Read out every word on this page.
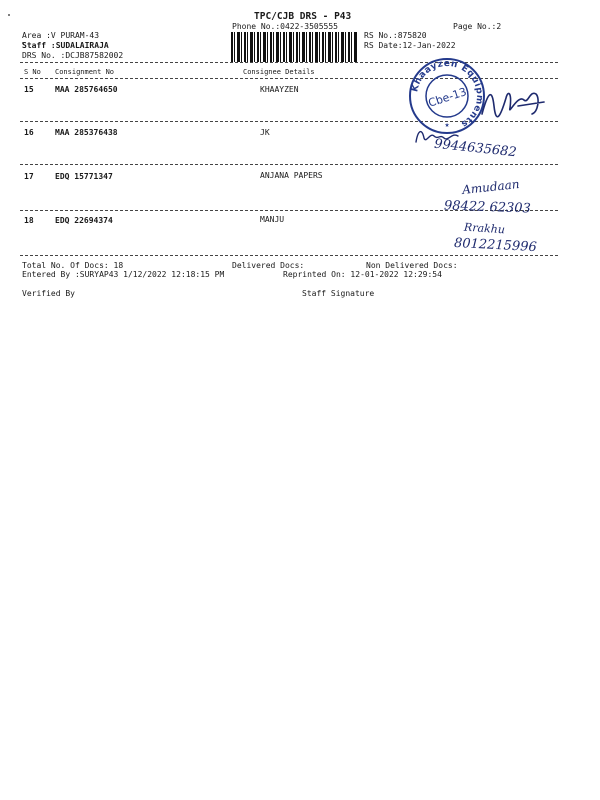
TPC/CJB DRS - P43
Phone No.:0422-3505555	Page No.:2
Area :V PURAM-43
Staff :SUDALAIRAJA
DRS No. :DCJB87582002
RS No.:875820
RS Date:12-Jan-2022
S No Consignment No	Consignee Details
15	MAA 285764650	KHAAYZEN
16	MAA 285376438	JK
17	EDQ 15771347	ANJANA PAPERS
18	EDQ 22694374	MANJU
Khaayzen Equipments
Cbe-13
★
9944635682
Amudaan
98422 62303
Rrakhu
8012215996
Total No. Of Docs: 18	Delivered Docs:	Non Delivered Docs:
Entered By :SURYAP43 1/12/2022 12:18:15 PM	Reprinted On: 12-01-2022 12:29:54
Verified By	Staff Signature
